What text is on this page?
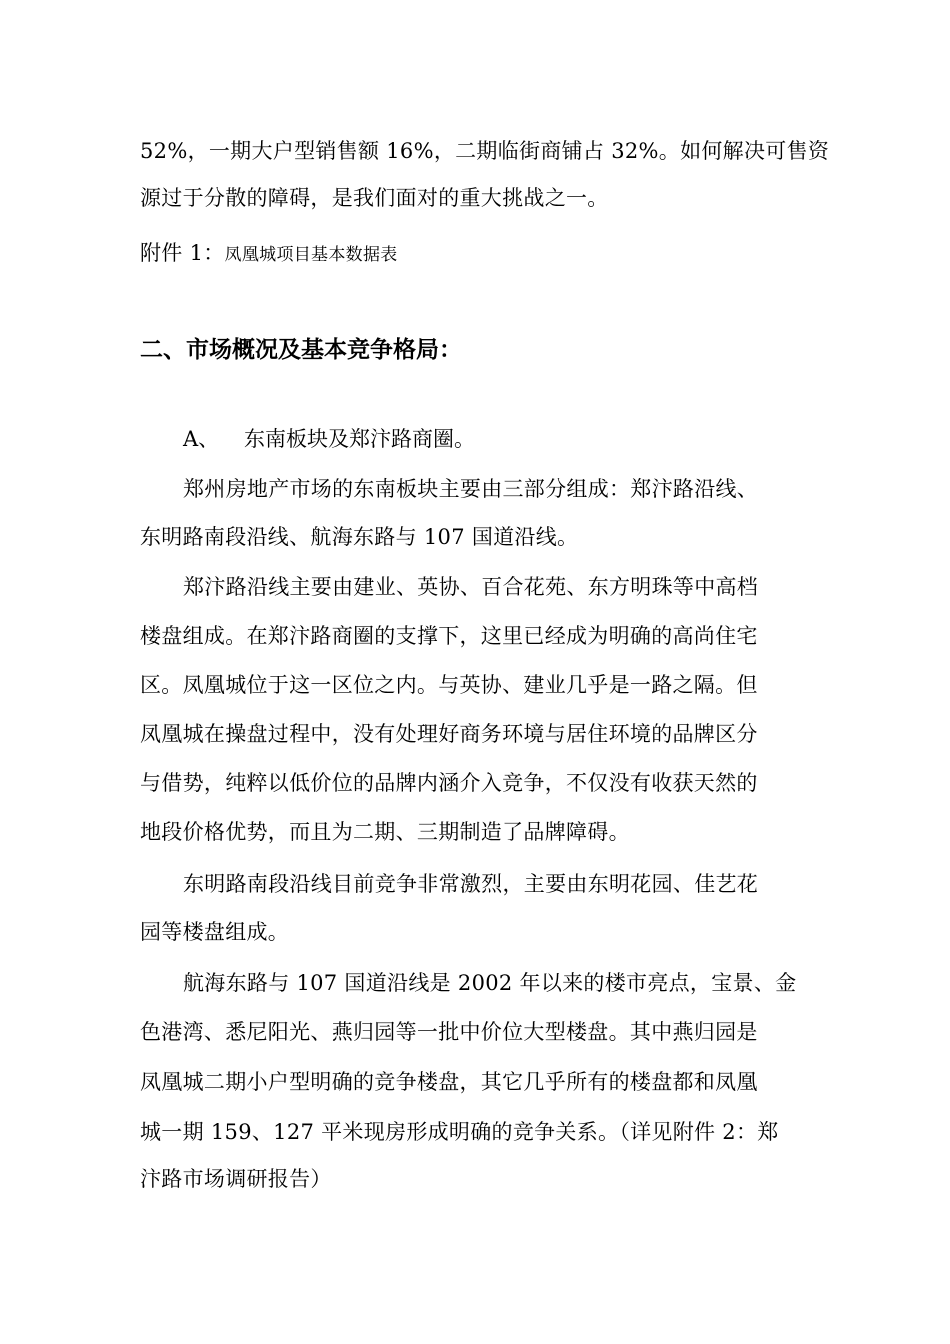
52%，一期大户型销售额 16%，二期临街商铺占 32%。如何解决可售资
源过于分散的障碍，是我们面对的重大挑战之一。
附件 1：凤凰城项目基本数据表
二、市场概况及基本竞争格局：
A、 东南板块及郑汴路商圈。
郑州房地产市场的东南板块主要由三部分组成：郑汴路沿线、
东明路南段沿线、航海东路与 107 国道沿线。
郑汴路沿线主要由建业、英协、百合花苑、东方明珠等中高档
楼盘组成。在郑汴路商圈的支撑下，这里已经成为明确的高尚住宅
区。凤凰城位于这一区位之内。与英协、建业几乎是一路之隔。但
凤凰城在操盘过程中，没有处理好商务环境与居住环境的品牌区分
与借势，纯粹以低价位的品牌内涵介入竞争，不仅没有收获天然的
地段价格优势，而且为二期、三期制造了品牌障碍。
东明路南段沿线目前竞争非常激烈，主要由东明花园、佳艺花
园等楼盘组成。
航海东路与 107 国道沿线是 2002 年以来的楼市亮点，宝景、金
色港湾、悉尼阳光、燕归园等一批中价位大型楼盘。其中燕归园是
凤凰城二期小户型明确的竞争楼盘，其它几乎所有的楼盘都和凤凰
城一期 159、127 平米现房形成明确的竞争关系。（详见附件 2：郑
汴路市场调研报告）
